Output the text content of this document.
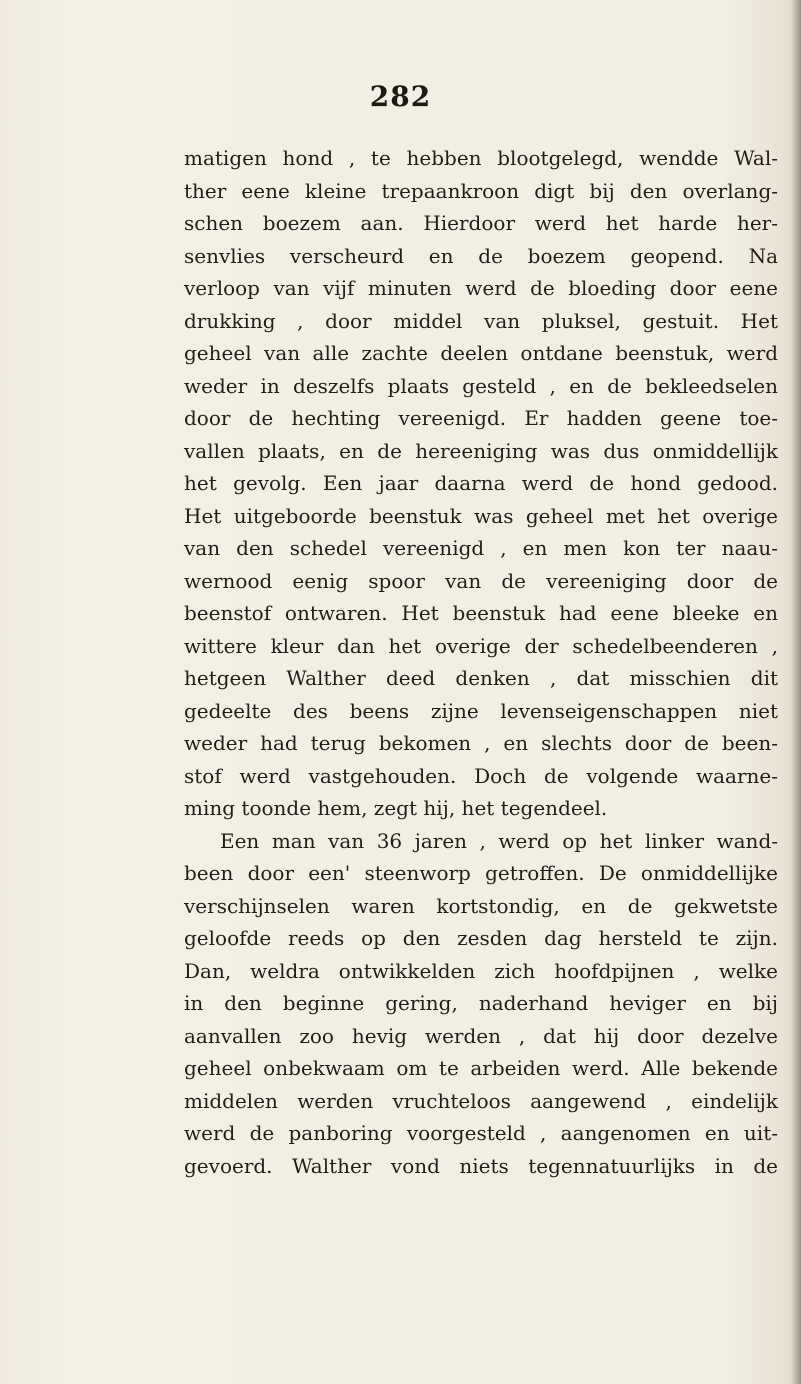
282
matigen hond , te hebben blootgelegd, wendde Wal-
ther eene kleine trepaankroon digt bij den overlang-
schen boezem aan. Hierdoor werd het harde her-
senvlies verscheurd en de boezem geopend. Na
verloop van vijf minuten werd de bloeding door eene
drukking , door middel van pluksel, gestuit. Het
geheel van alle zachte deelen ontdane beenstuk, werd
weder in deszelfs plaats gesteld , en de bekleedselen
door de hechting vereenigd. Er hadden geene toe-
vallen plaats, en de hereeniging was dus onmiddellijk
het gevolg. Een jaar daarna werd de hond gedood.
Het uitgeboorde beenstuk was geheel met het overige
van den schedel vereenigd , en men kon ter naau-
wernood eenig spoor van de vereeniging door de
beenstof ontwaren. Het beenstuk had eene bleeke en
wittere kleur dan het overige der schedelbeenderen ,
hetgeen Walther deed denken , dat misschien dit
gedeelte des beens zijne levenseigenschappen niet
weder had terug bekomen , en slechts door de been-
stof werd vastgehouden. Doch de volgende waarne-
ming toonde hem, zegt hij, het tegendeel.
Een man van 36 jaren , werd op het linker wand-
been door een' steenworp getroffen. De onmiddellijke
verschijnselen waren kortstondig, en de gekwetste
geloofde reeds op den zesden dag hersteld te zijn.
Dan, weldra ontwikkelden zich hoofdpijnen , welke
in den beginne gering, naderhand heviger en bij
aanvallen zoo hevig werden , dat hij door dezelve
geheel onbekwaam om te arbeiden werd. Alle bekende
middelen werden vruchteloos aangewend , eindelijk
werd de panboring voorgesteld , aangenomen en uit-
gevoerd. Walther vond niets tegennatuurlijks in de
